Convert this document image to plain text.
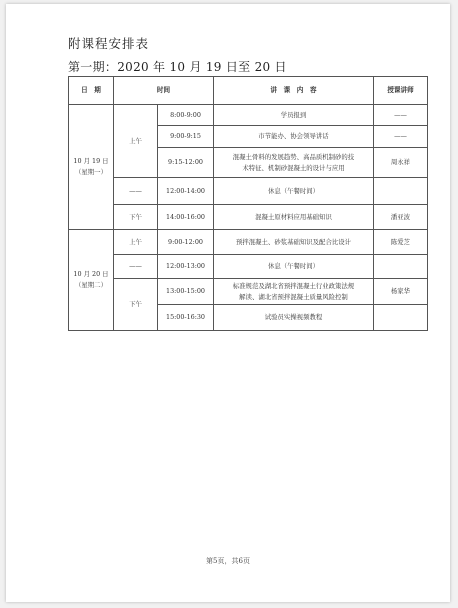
附课程安排表
第一期：2020 年 10 月 19 日至 20 日
日　期	时间		讲　课　内　容	授课讲师

10 月 19 日
（星期一）	上午	8:00-9:00	学员报到	——
		9:00-9:15	市节能办、协会领导讲话	——
		9:15-12:00	混凝土骨料的发展趋势、高品质机制砂的技
术特征、机制砂混凝土的设计与应用	周永祥
	——	12:00-14:00	休息（午餐时间）	
	下午	14:00-16:00	混凝土原材料应用基础知识	潘亚波

10 月 20 日
（星期二）	上午	9:00-12:00	预拌混凝土、砂浆基础知识及配合比设计	陈爱芝
	——	12:00-13:00	休息（午餐时间）	
	下午	13:00-15:00	标准规范及湖北省预拌混凝土行业政策法规
解读、湖北省预拌混凝土质量风险控制	杨家华
		15:00-16:30	试验员实操视频教程	
第5页，共6页
